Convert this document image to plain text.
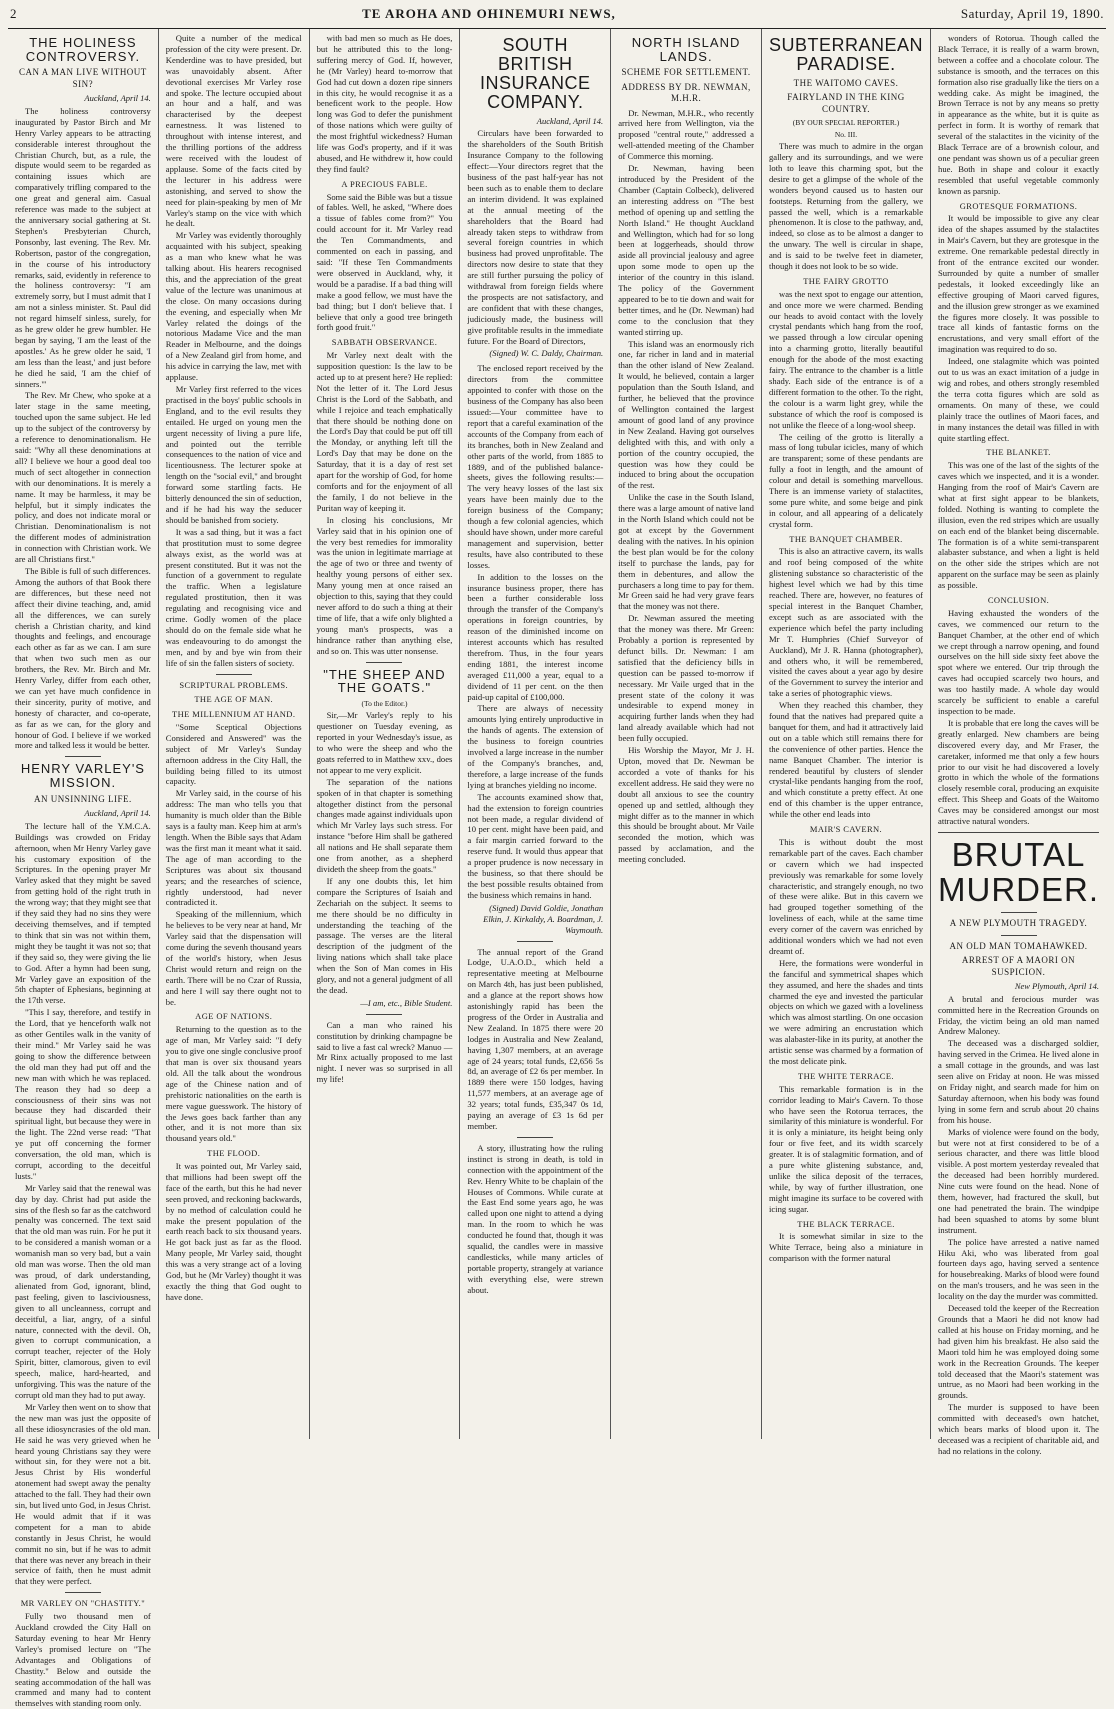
2	TE AROHA AND OHINEMURI NEWS,	Saturday, April 19, 1890.
THE HOLINESS CONTROVERSY.
CAN A MAN LIVE WITHOUT SIN?
Auckland, April 14.

The holiness controversy inaugurated by Pastor Birch and Mr Henry Varley appears to be attracting considerable interest throughout the Christian Church, but, as a rule, the dispute would seem to be regarded as containing issues which are comparatively trifling compared to the one great and general aim. Casual reference was made to the subject at the anniversary social gathering at St. Stephen's Presbyterian Church, Ponsonby, last evening. The Rev. Mr. Robertson, pastor of the congregation, in the course of his introductory remarks, said, evidently in reference to the holiness controversy: "I am extremely sorry, but I must admit that I am not a sinless minister. St. Paul did not regard himself sinless, surely, for as he grew older he grew humbler. He began by saying, 'I am the least of the apostles.' As he grew older he said, 'I am less than the least,' and just before he died he said, 'I am the chief of sinners.'"

The Rev. Mr Chew, who spoke at a later stage in the same meeting, touched upon the same subject. He led up to the subject of the controversy by a reference to denominationalism. He said: "Why all these denominations at all? I believe we hour a good deal too much of sect altogether in connection with our denominations. It is merely a name. It may be harmless, it may be helpful, but it simply indicates the policy, and does not indicate moral or Christian. Denominationalism is not the different modes of administration in connection with Christian work. We are all Christians first."

The Bible is full of such differences. Among the authors of that Book there are differences, but these need not affect their divine teaching, and, amid all the differences, we can surely cherish a Christian charity, and kind thoughts and feelings, and encourage each other as far as we can. I am sure that when two such men as our brothers, the Rev. Mr. Birch and Mr. Henry Varley, differ from each other, we can yet have much confidence in their sincerity, purity of motive, and honesty of character, and co-operate, as far as we can, for the glory and honour of God. I believe if we worked more and talked less it would be better.

HENRY VARLEY'S MISSION.
AN UNSINNING LIFE.
Auckland, April 14.

The lecture hall of the Y.M.C.A. Buildings was crowded on Friday afternoon, when Mr Henry Varley gave his customary exposition of the Scriptures. In the opening prayer Mr Varley asked that they might be saved from getting hold of the right truth in the wrong way; that they might see that if they said they had no sins they were deceiving themselves, and if tempted to think that sin was not within them, might they be taught it was not so; that if they said so, they were giving the lie to God. After a hymn had been sung, Mr Varley gave an exposition of the 5th chapter of Ephesians, beginning at the 17th verse.

"This I say, therefore, and testify in the Lord, that ye henceforth walk not as other Gentiles walk in the vanity of their mind." Mr Varley said he was going to show the difference between the old man they had put off and the new man with which he was replaced. The reason they had so deep a consciousness of their sins was not because they had discarded their spiritual light, but because they were in the light. The 22nd verse read: "That ye put off concerning the former conversation, the old man, which is corrupt, according to the deceitful lusts."

Mr Varley said that the renewal was day by day. Christ had put aside the sins of the flesh so far as the catchword penalty was concerned. The text said that the old man was ruin. For he put it to be considered a manish woman or a womanish man so very bad, but a vain old man was worse. Then the old man was proud, of dark understanding, alienated from God, ignorant, blind, past feeling, given to lasciviousness, given to all uncleanness, corrupt and deceitful, a liar, angry, of a sinful nature, connected with the devil. Oh, given to corrupt communication, a corrupt teacher, rejecter of the Holy Spirit, bitter, clamorous, given to evil speech, malice, hard-hearted, and unforgiving. This was the nature of the corrupt old man they had to put away.

Mr Varley then went on to show that the new man was just the opposite of all these idiosyncrasies of the old man. He said he was very grieved when he heard young Christians say they were without sin, for they were not a bit. Jesus Christ by His wonderful atonement had swept away the penalty attached to the fall. They had their own sin, but lived unto God, in Jesus Christ. He would admit that if it was competent for a man to abide constantly in Jesus Christ, he would commit no sin, but if he was to admit that there was never any breach in their service of faith, then he must admit that they were perfect.

MR VARLEY ON "CHASTITY."

Fully two thousand men of Auckland crowded the City Hall on Saturday evening to hear Mr Henry Varley's promised lecture on "The Advantages and Obligations of Chastity." Below and outside the seating accommodation of the hall was crammed and many had to content themselves with standing room only.

Quite a number of the medical profession of the city were present. Dr. Kenderdine was to have presided, but was unavoidably absent. After devotional exercises Mr Varley rose and spoke. The lecture occupied about an hour and a half, and was characterised by the deepest earnestness. It was listened to throughout with intense interest, and the thrilling portions of the address were received with the loudest of applause. Some of the facts cited by the lecturer in his address were astonishing, and served to show the need for plain-speaking by men of Mr Varley's stamp on the vice with which he dealt.

Mr Varley was evidently thoroughly acquainted with his subject, speaking as a man who knew what he was talking about. His hearers recognised this, and the appreciation of the great value of the lecture was unanimous at the close. On many occasions during the evening, and especially when Mr Varley related the doings of the notorious Madame Vice and the man Reader in Melbourne, and the doings of a New Zealand girl from home, and his advice in carrying the law, met with applause.

Mr Varley first referred to the vices practised in the boys' public schools in England, and to the evil results they entailed. He urged on young men the urgent necessity of living a pure life, and pointed out the terrible consequences to the nation of vice and licentiousness. The lecturer spoke at length on the "social evil," and brought forward some startling facts. He bitterly denounced the sin of seduction, and if he had his way the seducer should be banished from society.

It was a sad thing, but it was a fact that prostitution must to some degree always exist, as the world was at present constituted. But it was not the function of a government to regulate the traffic. When a legislature regulated prostitution, then it was regulating and recognising vice and crime. Godly women of the place should do on the female side what he was endeavouring to do amongst the men, and by and bye win from their life of sin the fallen sisters of society.

SCRIPTURAL PROBLEMS.
THE AGE OF MAN.
THE MILLENNIUM AT HAND.

"Some Sceptical Objections Considered and Answered" was the subject of Mr Varley's Sunday afternoon address in the City Hall, the building being filled to its utmost capacity.

Mr Varley said, in the course of his address: The man who tells you that humanity is much older than the Bible says is a faulty man. Keep him at arm's length. When the Bible says that Adam was the first man it meant what it said. The age of man according to the Scriptures was about six thousand years; and the researches of science, rightly understood, had never contradicted it.

Speaking of the millennium, which he believes to be very near at hand, Mr Varley said that the dispensation will come during the sevenh thousand years of the world's history, when Jesus Christ would return and reign on the earth. There will be no Czar of Russia, and here I will say there ought not to be.

AGE OF NATIONS.

Returning to the question as to the age of man, Mr Varley said: "I defy you to give one single conclusive proof that man is over six thousand years old. All the talk about the wondrous age of the Chinese nation and of prehistoric nationalities on the earth is mere vague guesswork. The history of the Jews goes back farther than any other, and it is not more than six thousand years old."

THE FLOOD.

It was pointed out, Mr Varley said, that millions had been swept off the face of the earth, but this he had never seen proved, and reckoning backwards, by no method of calculation could he make the present population of the earth reach back to six thousand years. He got back just as far as the flood. Many people, Mr Varley said, thought this was a very strange act of a loving God, but he (Mr Varley) thought it was exactly the thing that God ought to have done.

with bad men so much as He does, but he attributed this to the long-suffering mercy of God. If, however, he (Mr Varley) heard to-morrow that God had cut down a dozen ripe sinners in this city, he would recognise it as a beneficent work to the people. How long was God to defer the punishment of those nations which were guilty of the most frightful wickedness? Human life was God's property, and if it was abused, and He withdrew it, how could they find fault?

A PRECIOUS FABLE.

Some said the Bible was but a tissue of fables. Well, he asked, "Where does a tissue of fables come from?" You could account for it. Mr Varley read the Ten Commandments, and commented on each in passing, and said: "If these Ten Commandments were observed in Auckland, why, it would be a paradise. If a bad thing will make a good fellow, we must have the bad thing; but I don't believe that. I believe that only a good tree bringeth forth good fruit."

SABBATH OBSERVANCE.

Mr Varley next dealt with the supposition question: Is the law to be acted up to at present here? He replied: Not the letter of it. The Lord Jesus Christ is the Lord of the Sabbath, and while I rejoice and teach emphatically that there should be nothing done on the Lord's Day that could be put off till the Monday, or anything left till the Lord's Day that may be done on the Saturday, that it is a day of rest set apart for the worship of God, for home comforts and for the enjoyment of all the family, I do not believe in the Puritan way of keeping it.

In closing his conclusions, Mr Varley said that in his opinion one of the very best remedies for immorality was the union in legitimate marriage at the age of two or three and twenty of healthy young persons of either sex. Many young men at once raised an objection to this, saying that they could never afford to do such a thing at their time of life, that a wife only blighted a young man's prospects, was a hindrance rather than anything else, and so on. This was utter nonsense.

"THE SHEEP AND THE GOATS."
(To the Editor.)

Sir,—Mr Varley's reply to his questioner on Tuesday evening, as reported in your Wednesday's issue, as to who were the sheep and who the goats referred to in Matthew xxv., does not appear to me very explicit.

The separation of the nations spoken of in that chapter is something altogether distinct from the personal changes made against individuals upon which Mr Varley lays such stress. For instance "before Him shall be gathered all nations and He shall separate them one from another, as a shepherd divideth the sheep from the goats."

If any one doubts this, let him compare the Scriptures of Isaiah and Zechariah on the subject. It seems to me there should be no difficulty in understanding the teaching of the passage. The verses are the literal description of the judgment of the living nations which shall take place when the Son of Man comes in His glory, and not a general judgment of all the dead.

—I am, etc., Bible Student.

Can a man who rained his constitution by drinking champagne be said to live a fast cal wreck? Manuo — Mr Rinx actually proposed to me last night. I never was so surprised in all my life!

SOUTH BRITISH INSURANCE COMPANY.
Auckland, April 14.

Circulars have been forwarded to the shareholders of the South British Insurance Company to the following effect:—Your directors regret that the business of the past half-year has not been such as to enable them to declare an interim dividend. It was explained at the annual meeting of the shareholders that the Board had already taken steps to withdraw from several foreign countries in which business had proved unprofitable. The directors now desire to state that they are still further pursuing the policy of withdrawal from foreign fields where the prospects are not satisfactory, and are confident that with these changes, judiciously made, the business will give profitable results in the immediate future. For the Board of Directors,

(Signed) W. C. Daldy, Chairman.

The enclosed report received by the directors from the committee appointed to confer with those on the business of the Company has also been issued:—Your committee have to report that a careful examination of the accounts of the Company from each of its branches, both in New Zealand and other parts of the world, from 1885 to 1889, and of the published balance-sheets, gives the following results:—The very heavy losses of the last six years have been mainly due to the foreign business of the Company; though a few colonial agencies, which should have shown, under more careful management and supervision, better results, have also contributed to these losses.

In addition to the losses on the insurance business proper, there has been a further considerable loss through the transfer of the Company's operations in foreign countries, by reason of the diminished income on interest accounts which has resulted therefrom. Thus, in the four years ending 1881, the interest income averaged £11,000 a year, equal to a dividend of 11 per cent. on the then paid-up capital of £100,000.

There are always of necessity amounts lying entirely unproductive in the hands of agents. The extension of the business to foreign countries involved a large increase in the number of the Company's branches, and, therefore, a large increase of the funds lying at branches yielding no income.

The accounts examined show that, had the extension to foreign countries not been made, a regular dividend of 10 per cent. might have been paid, and a fair margin carried forward to the reserve fund. It would thus appear that a proper prudence is now necessary in the business, so that there should be the best possible results obtained from the business which remains in hand.

(Signed) David Goldie, Jonathan Elkin, J. Kirkaldy, A. Boardman, J. Waymouth.

The annual report of the Grand Lodge, U.A.O.D., which held a representative meeting at Melbourne on March 4th, has just been published, and a glance at the report shows how astonishingly rapid has been the progress of the Order in Australia and New Zealand. In 1875 there were 20 lodges in Australia and New Zealand, having 1,307 members, at an average age of 24 years; total funds, £2,656 5s 8d, an average of £2 6s per member. In 1889 there were 150 lodges, having 11,577 members, at an average age of 32 years; total funds, £35,347 0s 1d, paying an average of £3 1s 6d per member.

A story, illustrating how the ruling instinct is strong in death, is told in connection with the appointment of the Rev. Henry White to be chaplain of the Houses of Commons. While curate at the East End some years ago, he was called upon one night to attend a dying man. In the room to which he was conducted he found that, though it was squalid, the candles were in massive candlesticks, while many articles of portable property, strangely at variance with everything else, were strewn about.

NORTH ISLAND LANDS.
SCHEME FOR SETTLEMENT.
ADDRESS BY DR. NEWMAN, M.H.R.

Dr. Newman, M.H.R., who recently arrived here from Wellington, via the proposed "central route," addressed a well-attended meeting of the Chamber of Commerce this morning.

Dr. Newman, having been introduced by the President of the Chamber (Captain Colbeck), delivered an interesting address on "The best method of opening up and settling the North Island." He thought Auckland and Wellington, which had for so long been at loggerheads, should throw aside all provincial jealousy and agree upon some mode to open up the interior of the country in this island. The policy of the Government appeared to be to tie down and wait for better times, and he (Dr. Newman) had come to the conclusion that they wanted stirring up.

This island was an enormously rich one, far richer in land and in material than the other island of New Zealand. It would, he believed, contain a larger population than the South Island, and further, he believed that the province of Wellington contained the largest amount of good land of any province in New Zealand. Having got ourselves delighted with this, and with only a portion of the country occupied, the question was how they could be induced to bring about the occupation of the rest.

Unlike the case in the South Island, there was a large amount of native land in the North Island which could not be got at except by the Government dealing with the natives. In his opinion the best plan would be for the colony itself to purchase the lands, pay for them in debentures, and allow the purchasers a long time to pay for them. Mr Green said he had very grave fears that the money was not there.

Dr. Newman assured the meeting that the money was there. Mr Green: Probably a portion is represented by defunct bills. Dr. Newman: I am satisfied that the deficiency bills in question can be passed to-morrow if necessary. Mr Vaile urged that in the present state of the colony it was undesirable to expend money in acquiring further lands when they had land already available which had not been fully occupied.

His Worship the Mayor, Mr J. H. Upton, moved that Dr. Newman be accorded a vote of thanks for his excellent address. He said they were no doubt all anxious to see the country opened up and settled, although they might differ as to the manner in which this should be brought about. Mr Vaile seconded the motion, which was passed by acclamation, and the meeting concluded.

SUBTERRANEAN PARADISE.
THE WAITOMO CAVES.
FAIRYLAND IN THE KING COUNTRY.
(BY OUR SPECIAL REPORTER.)
No. III.

There was much to admire in the organ gallery and its surroundings, and we were loth to leave this charming spot, but the desire to get a glimpse of the whole of the wonders beyond caused us to hasten our footsteps. Returning from the gallery, we passed the well, which is a remarkable phenomenon. It is close to the pathway, and, indeed, so close as to be almost a danger to the unwary. The well is circular in shape, and is said to be twelve feet in diameter, though it does not look to be so wide.

THE FAIRY GROTTO

was the next spot to engage our attention, and once more we were charmed. Bending our heads to avoid contact with the lovely crystal pendants which hang from the roof, we passed through a low circular opening into a charming grotto, literally beautiful enough for the abode of the most exacting fairy. The entrance to the chamber is a little shady. Each side of the entrance is of a different formation to the other. To the right, the colour is a warm light grey, while the substance of which the roof is composed is not unlike the fleece of a long-wool sheep.

The ceiling of the grotto is literally a mass of long tubular icicles, many of which are transparent; some of these pendants are fully a foot in length, and the amount of colour and detail is something marvellous. There is an immense variety of stalactites, some pure white, and some beige and pink in colour, and all appearing of a delicately crystal form.

THE BANQUET CHAMBER.

This is also an attractive cavern, its walls and roof being composed of the white glistening substance so characteristic of the highest level which we had by this time reached. There are, however, no features of special interest in the Banquet Chamber, except such as are associated with the experience which befel the party including Mr T. Humphries (Chief Surveyor of Auckland), Mr J. R. Hanna (photographer), and others who, it will be remembered, visited the caves about a year ago by desire of the Government to survey the interior and take a series of photographic views.

When they reached this chamber, they found that the natives had prepared quite a banquet for them, and had it attractively laid out on a table which still remains there for the convenience of other parties. Hence the name Banquet Chamber. The interior is rendered beautiful by clusters of slender crystal-like pendants hanging from the roof, and which constitute a pretty effect. At one end of this chamber is the upper entrance, while the other end leads into

MAIR'S CAVERN.

This is without doubt the most remarkable part of the caves. Each chamber or cavern which we had inspected previously was remarkable for some lovely characteristic, and strangely enough, no two of these were alike. But in this cavern we had grouped together something of the loveliness of each, while at the same time every corner of the cavern was enriched by additional wonders which we had not even dreamt of.

Here, the formations were wonderful in the fanciful and symmetrical shapes which they assumed, and here the shades and tints charmed the eye and invested the particular objects on which we gazed with a loveliness which was almost startling. On one occasion we were admiring an encrustation which was alabaster-like in its purity, at another the artistic sense was charmed by a formation of the most delicate pink.

THE WHITE TERRACE.

This remarkable formation is in the corridor leading to Mair's Cavern. To those who have seen the Rotorua terraces, the similarity of this miniature is wonderful. For it is only a miniature, its height being only four or five feet, and its width scarcely greater. It is of stalagmitic formation, and of a pure white glistening substance, and, unlike the silica deposit of the terraces, while, by way of further illustration, one might imagine its surface to be covered with icing sugar.

THE BLACK TERRACE.

It is somewhat similar in size to the White Terrace, being also a miniature in comparison with the former natural

wonders of Rotorua. Though called the Black Terrace, it is really of a warm brown, between a coffee and a chocolate colour. The substance is smooth, and the terraces on this formation also rise gradually like the tiers on a wedding cake. As might be imagined, the Brown Terrace is not by any means so pretty in appearance as the white, but it is quite as perfect in form. It is worthy of remark that several of the stalactites in the vicinity of the Black Terrace are of a brownish colour, and one pendant was shown us of a peculiar green hue. Both in shape and colour it exactly resembled that useful vegetable commonly known as parsnip.

GROTESQUE FORMATIONS.

It would be impossible to give any clear idea of the shapes assumed by the stalactites in Mair's Cavern, but they are grotesque in the extreme. One remarkable pedestal directly in front of the entrance excited our wonder. Surrounded by quite a number of smaller pedestals, it looked exceedingly like an effective grouping of Maori carved figures, and the illusion grew stronger as we examined the figures more closely. It was possible to trace all kinds of fantastic forms on the encrustations, and very small effort of the imagination was required to do so.

Indeed, one stalagmite which was pointed out to us was an exact imitation of a judge in wig and robes, and others strongly resembled the terra cotta figures which are sold as ornaments. On many of these, we could plainly trace the outlines of Maori faces, and in many instances the detail was filled in with quite startling effect.

THE BLANKET.

This was one of the last of the sights of the caves which we inspected, and it is a wonder. Hanging from the roof of Mair's Cavern are what at first sight appear to be blankets, folded. Nothing is wanting to complete the illusion, even the red stripes which are usually on each end of the blanket being discernable. The formation is of a white semi-transparent alabaster substance, and when a light is held on the other side the stripes which are not apparent on the surface may be seen as plainly as possible.

CONCLUSION.

Having exhausted the wonders of the caves, we commenced our return to the Banquet Chamber, at the other end of which we crept through a narrow opening, and found ourselves on the hill side sixty feet above the spot where we entered. Our trip through the caves had occupied scarcely two hours, and was too hastily made. A whole day would scarcely be sufficient to enable a careful inspection to be made.

It is probable that ere long the caves will be greatly enlarged. New chambers are being discovered every day, and Mr Fraser, the caretaker, informed me that only a few hours prior to our visit he had discovered a lovely grotto in which the whole of the formations closely resemble coral, producing an exquisite effect. This Sheep and Goats of the Waitomo Caves may be considered amongst our most attractive natural wonders.

BRUTAL MURDER.
A NEW PLYMOUTH TRAGEDY.
AN OLD MAN TOMAHAWKED.
ARREST OF A MAORI ON SUSPICION.
New Plymouth, April 14.

A brutal and ferocious murder was committed here in the Recreation Grounds on Friday, the victim being an old man named Andrew Maloney.

The deceased was a discharged soldier, having served in the Crimea. He lived alone in a small cottage in the grounds, and was last seen alive on Friday at noon. He was missed on Friday night, and search made for him on Saturday afternoon, when his body was found lying in some fern and scrub about 20 chains from his house.

Marks of violence were found on the body, but were not at first considered to be of a serious character, and there was little blood visible. A post mortem yesterday revealed that the deceased had been horribly murdered. Nine cuts were found on the head. None of them, however, had fractured the skull, but one had penetrated the brain. The windpipe had been squashed to atoms by some blunt instrument.

The police have arrested a native named Hiku Aki, who was liberated from goal fourteen days ago, having served a sentence for housebreaking. Marks of blood were found on the man's trousers, and he was seen in the locality on the day the murder was committed.

Deceased told the keeper of the Recreation Grounds that a Maori he did not know had called at his house on Friday morning, and he had given him his breakfast. He also said the Maori told him he was employed doing some work in the Recreation Grounds. The keeper told deceased that the Maori's statement was untrue, as no Maori had been working in the grounds.

The murder is supposed to have been committed with deceased's own hatchet, which bears marks of blood upon it. The deceased was a recipient of charitable aid, and had no relations in the colony.
